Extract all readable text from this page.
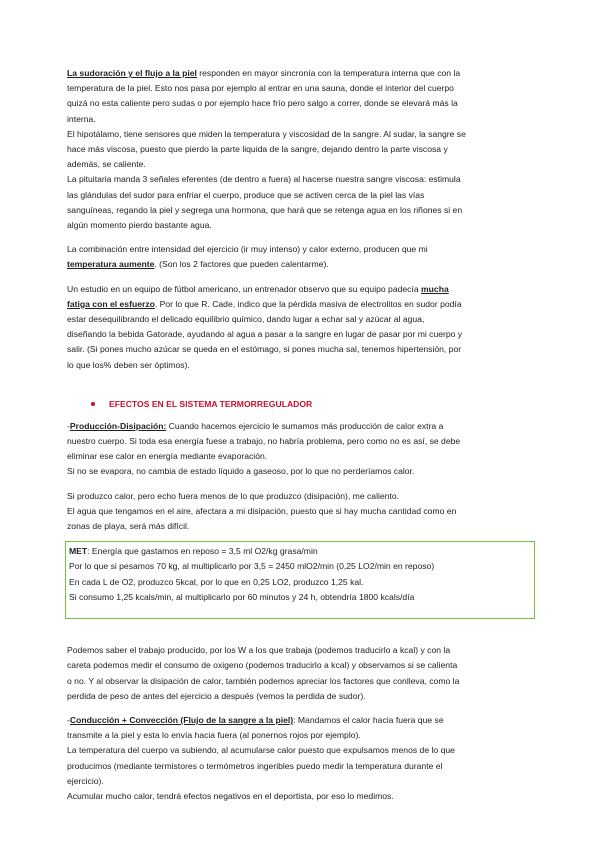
La sudoración y el flujo a la piel responden en mayor sincronía con la temperatura interna que con la
temperatura de la piel. Esto nos pasa por ejemplo al entrar en una sauna, donde el interior del cuerpo
quizá no esta caliente pero sudas o por ejemplo hace frío pero salgo a correr, donde se elevará más la
interna.

El hipotálamo, tiene sensores que miden la temperatura y viscosidad de la sangre. Al sudar, la sangre se
hace más viscosa, puesto que pierdo la parte liquida de la sangre, dejando dentro la parte viscosa y
además, se caliente.

La pituitaria manda 3 señales eferentes (de dentro a fuera) al hacerse nuestra sangre viscosa: estimula
las glándulas del sudor para enfriar el cuerpo, produce que se activen cerca de la piel las vías
sanguíneas, regando la piel y segrega una hormona, que hará que se retenga agua en los riñones si en
algún momento pierdo bastante agua.

La combinación entre intensidad del ejercicio (ir muy intenso) y calor externo, producen que mi
temperatura aumente. (Son los 2 factores que pueden calentarme).

Un estudio en un equipo de fútbol americano, un entrenador observo que su equipo padecía mucha
fatiga con el esfuerzo. Por lo que R. Cade, indico que la pérdida masiva de electrolitos en sudor podía
estar desequilibrando el delicado equilibrio químico, dando lugar a echar sal y azúcar al agua,
diseñando la bebida Gatorade, ayudando al agua a pasar a la sangre en lugar de pasar por mi cuerpo y
salir. (Si pones mucho azúcar se queda en el estómago, si pones mucha sal, tenemos hipertensión, por
lo que los% deben ser óptimos).

EFECTOS EN EL SISTEMA TERMORREGULADOR

-Producción-Disipación: Cuando hacemos ejercicio le sumamos más producción de calor extra a
nuestro cuerpo. Si toda esa energía fuese a trabajo, no habría problema, pero como no es así, se debe
eliminar ese calor en energía mediante evaporación.
Si no se evapora, no cambia de estado líquido a gaseoso, por lo que no perderíamos calor.

Si produzco calor, pero echo fuera menos de lo que produzco (disipación), me caliento.
El agua que tengamos en el aire, afectara a mi disipación, puesto que si hay mucha cantidad como en
zonas de playa, será más difícil.

MET: Energía que gastamos en reposo = 3,5 ml O2/kg grasa/min
Por lo que si pesamos 70 kg, al multiplicarlo por 3,5 = 2450 mlO2/min (0,25 LO2/min en reposo)
En cada L de O2, produzco 5kcal, por lo que en 0,25 LO2, produzco 1,25 kal.
Si consumo 1,25 kcals/min, al multiplicarlo por 60 minutos y 24 h, obtendría 1800 kcals/día

Podemos saber el trabajo producido, por los W a los que trabaja (podemos traducirlo a kcal) y con la
careta podemos medir el consumo de oxigeno (podemos traducirlo a kcal) y observamos si se calienta
o no. Y al observar la disipación de calor, también podemos apreciar los factores que conlleva, como la
perdida de peso de antes del ejercicio a después (vemos la perdida de sudor).

-Conducción + Convección (Flujo de la sangre a la piel): Mandamos el calor hacia fuera que se
transmite a la piel y esta lo envía hacia fuera (al ponernos rojos por ejemplo).
La temperatura del cuerpo va subiendo, al acumularse calor puesto que expulsamos menos de lo que
producimos (mediante termistores o termómetros ingeribles puedo medir la temperatura durante el
ejercicio).
Acumular mucho calor, tendrá efectos negativos en el deportista, por eso lo medimos.
